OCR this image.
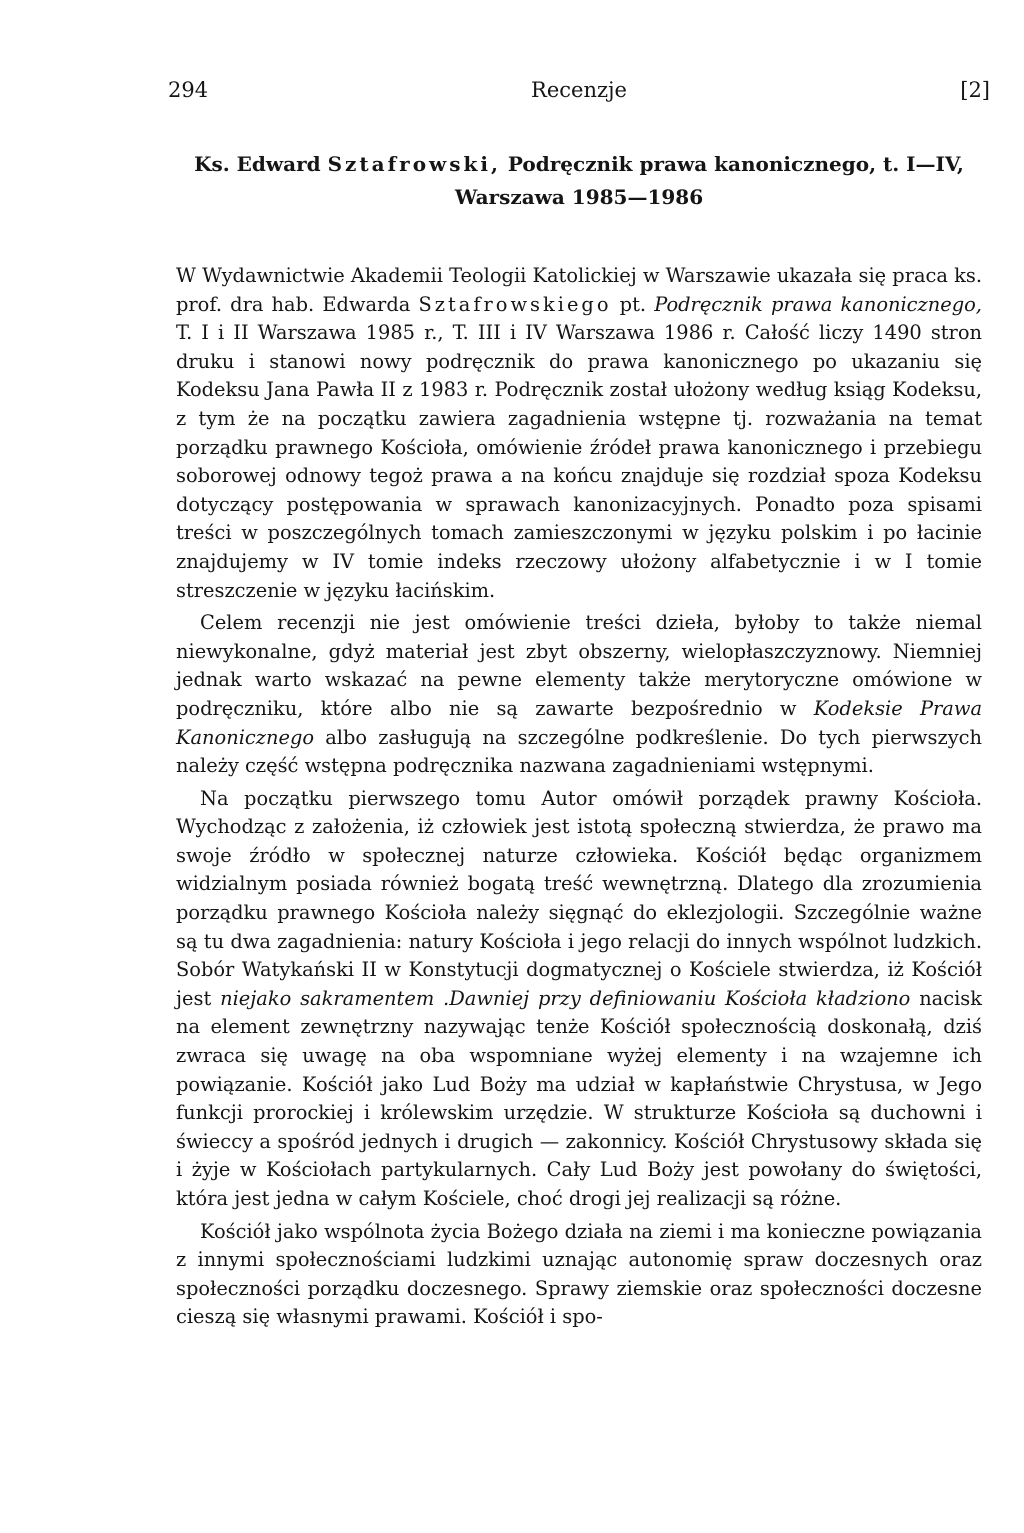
294	Recenzje	[2]
Ks. Edward Sztafrowski, Podręcznik prawa kanonicznego, t. I—IV,
Warszawa 1985—1986

W Wydawnictwie Akademii Teologii Katolickiej w Warszawie ukazała się praca ks. prof. dra hab. Edwarda Sztafrowskiego pt. Podręcznik prawa kanonicznego, T. I i II Warszawa 1985 r., T. III i IV Warszawa 1986 r. Całość liczy 1490 stron druku i stanowi nowy podręcznik do prawa kanonicznego po ukazaniu się Kodeksu Jana Pawła II z 1983 r. Podręcznik został ułożony według ksiąg Kodeksu, z tym że na początku zawiera zagadnienia wstępne tj. rozważania na temat porządku prawnego Kościoła, omówienie źródeł prawa kanonicznego i przebiegu soborowej odnowy tegoż prawa a na końcu znajduje się rozdział spoza Kodeksu dotyczący postępowania w sprawach kanonizacyjnych. Ponadto poza spisami treści w poszczególnych tomach zamieszczonymi w języku polskim i po łacinie znajdujemy w IV tomie indeks rzeczowy ułożony alfabetycznie i w I tomie streszczenie w języku łacińskim.

Celem recenzji nie jest omówienie treści dzieła, byłoby to także niemal niewykonalne, gdyż materiał jest zbyt obszerny, wielopłaszczyznowy. Niemniej jednak warto wskazać na pewne elementy także merytoryczne omówione w podręczniku, które albo nie są zawarte bezpośrednio w Kodeksie Prawa Kanonicznego albo zasługują na szczególne podkreślenie. Do tych pierwszych należy część wstępna podręcznika nazwana zagadnieniami wstępnymi.

Na początku pierwszego tomu Autor omówił porządek prawny Kościoła. Wychodząc z założenia, iż człowiek jest istotą społeczną stwierdza, że prawo ma swoje źródło w społecznej naturze człowieka. Kościół będąc organizmem widzialnym posiada również bogatą treść wewnętrzną. Dlatego dla zrozumienia porządku prawnego Kościoła należy sięgnąć do eklezjologii. Szczególnie ważne są tu dwa zagadnienia: natury Kościoła i jego relacji do innych wspólnot ludzkich. Sobór Watykański II w Konstytucji dogmatycznej o Kościele stwierdza, iż Kościół jest niejako sakramentem .Dawniej przy definiowaniu Kościoła kładziono nacisk na element zewnętrzny nazywając tenże Kościół społecznością doskonałą, dziś zwraca się uwagę na oba wspomniane wyżej elementy i na wzajemne ich powiązanie. Kościół jako Lud Boży ma udział w kapłaństwie Chrystusa, w Jego funkcji prorockiej i królewskim urzędzie. W strukturze Kościoła są duchowni i świeccy a spośród jednych i drugich — zakonnicy. Kościół Chrystusowy składa się i żyje w Kościołach partykularnych. Cały Lud Boży jest powołany do świętości, która jest jedna w całym Kościele, choć drogi jej realizacji są różne.

Kościół jako wspólnota życia Bożego działa na ziemi i ma konieczne powiązania z innymi społecznościami ludzkimi uznając autonomię spraw doczesnych oraz społeczności porządku doczesnego. Sprawy ziemskie oraz społeczności doczesne cieszą się własnymi prawami. Kościół i spo-
